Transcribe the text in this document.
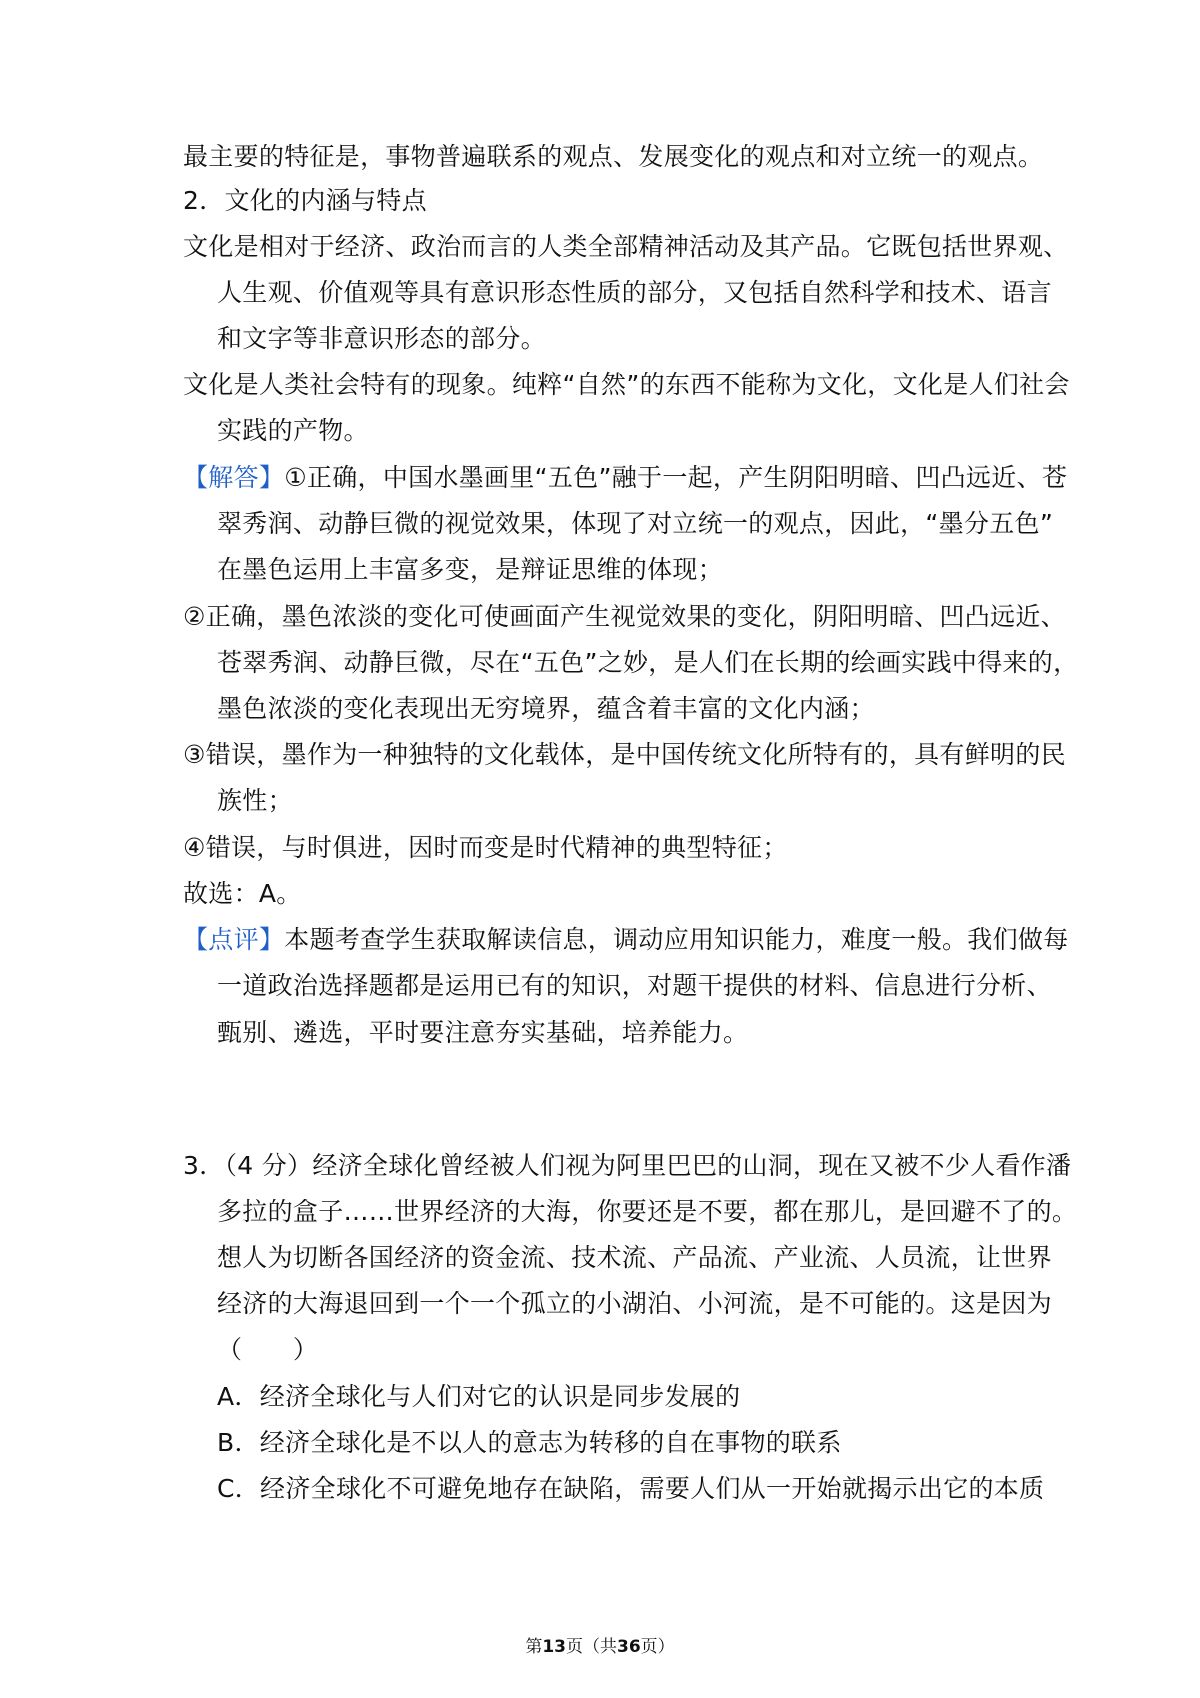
最主要的特征是，事物普遍联系的观点、发展变化的观点和对立统一的观点。
2．文化的内涵与特点
文化是相对于经济、政治而言的人类全部精神活动及其产品。它既包括世界观、
人生观、价值观等具有意识形态性质的部分，又包括自然科学和技术、语言
和文字等非意识形态的部分。
文化是人类社会特有的现象。纯粹“自然”的东西不能称为文化，文化是人们社会
实践的产物。
【解答】①正确，中国水墨画里“五色”融于一起，产生阴阳明暗、凹凸远近、苍
翠秀润、动静巨微的视觉效果，体现了对立统一的观点，因此，“墨分五色”
在墨色运用上丰富多变，是辩证思维的体现；
②正确，墨色浓淡的变化可使画面产生视觉效果的变化，阴阳明暗、凹凸远近、
苍翠秀润、动静巨微，尽在“五色”之妙，是人们在长期的绘画实践中得来的，
墨色浓淡的变化表现出无穷境界，蕴含着丰富的文化内涵；
③错误，墨作为一种独特的文化载体，是中国传统文化所特有的，具有鲜明的民
族性；
④错误，与时俱进，因时而变是时代精神的典型特征；
故选：A。
【点评】本题考查学生获取解读信息，调动应用知识能力，难度一般。我们做每
一道政治选择题都是运用已有的知识，对题干提供的材料、信息进行分析、
甄别、遴选，平时要注意夯实基础，培养能力。
3．（4 分）经济全球化曾经被人们视为阿里巴巴的山洞，现在又被不少人看作潘
多拉的盒子……世界经济的大海，你要还是不要，都在那儿，是回避不了的。
想人为切断各国经济的资金流、技术流、产品流、产业流、人员流，让世界
经济的大海退回到一个一个孤立的小湖泊、小河流，是不可能的。这是因为
（　　）
A．经济全球化与人们对它的认识是同步发展的
B．经济全球化是不以人的意志为转移的自在事物的联系
C．经济全球化不可避免地存在缺陷，需要人们从一开始就揭示出它的本质
第13页（共36页）
